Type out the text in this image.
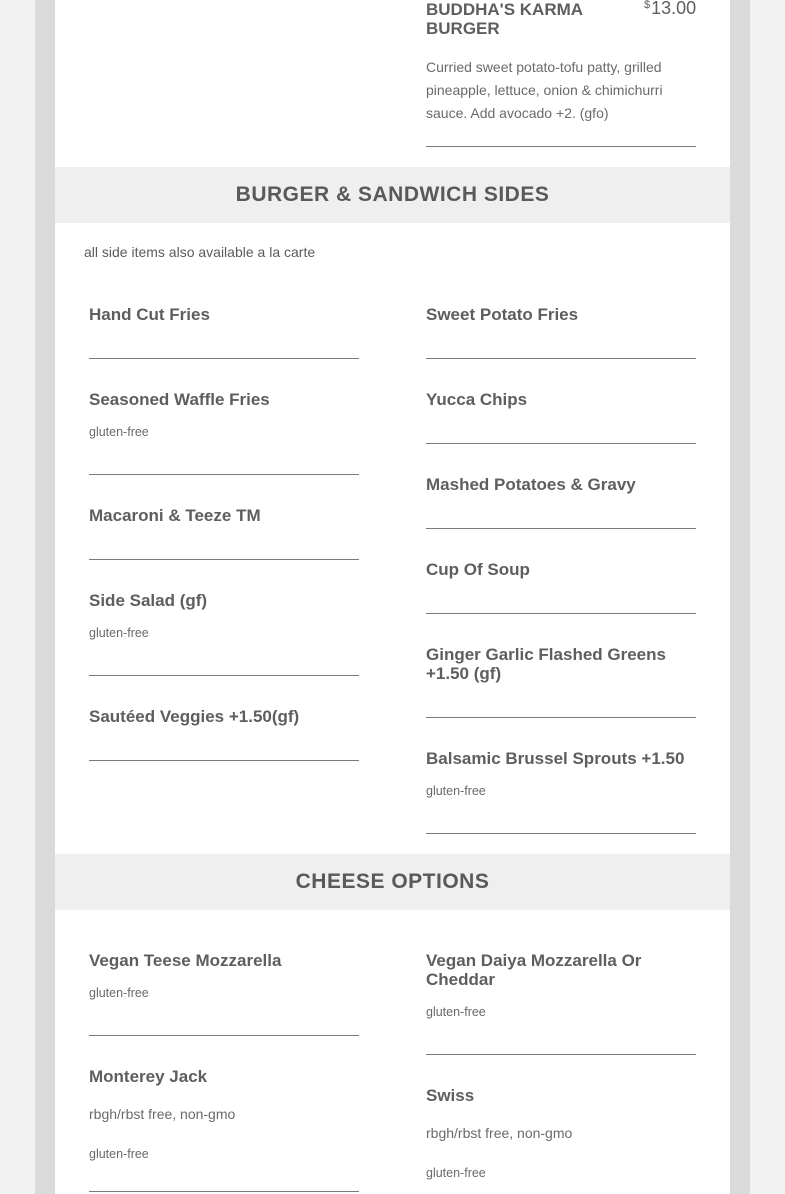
BUDDHA'S KARMA BURGER
Curried sweet potato-tofu patty, grilled pineapple, lettuce, onion & chimichurri sauce. Add avocado +2. (gfo)
$13.00
BURGER & SANDWICH SIDES
all side items also available a la carte
Hand Cut Fries
Seasoned Waffle Fries
gluten-free
Macaroni & Teeze TM
Side Salad (gf)
gluten-free
Sautéed Veggies +1.50(gf)
Sweet Potato Fries
Yucca Chips
Mashed Potatoes & Gravy
Cup Of Soup
Ginger Garlic Flashed Greens +1.50 (gf)
Balsamic Brussel Sprouts +1.50
gluten-free
CHEESE OPTIONS
Vegan Teese Mozzarella
gluten-free
Vegan Daiya Mozzarella Or Cheddar
gluten-free
Monterey Jack
rbgh/rbst free, non-gmo
gluten-free
Swiss
rbgh/rbst free, non-gmo
gluten-free
